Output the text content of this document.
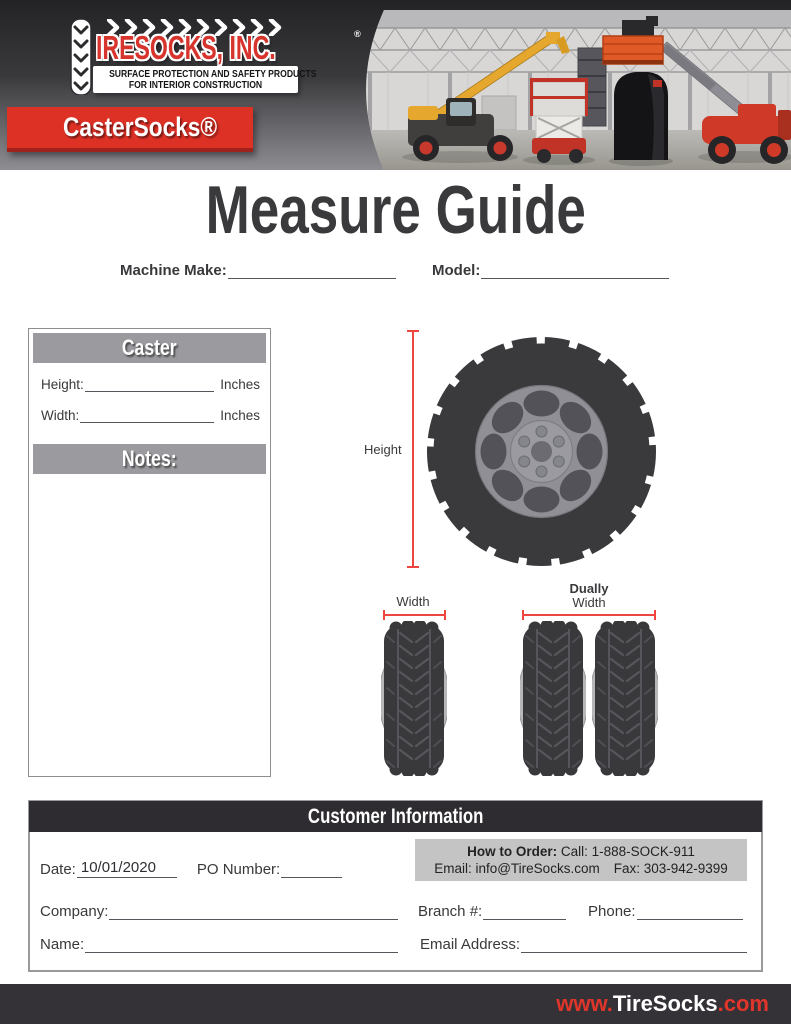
IRESOCKS, INC.	®
SURFACE PROTECTION AND SAFETY PRODUCTS
FOR INTERIOR CONSTRUCTION
CasterSocks®
Measure Guide
Machine Make:	Model:
Caster
Height:	Inches
Width:	Inches
Notes:	Height
Width
Dually
Width
Customer Information
Date: 10/01/2020	PO Number:
How to Order: Call: 1-888-SOCK-911
Email: info@TireSocks.com Fax: 303-942-9399
Company:	Branch #:	Phone:
Name:	Email Address:
www.TireSocks.com
